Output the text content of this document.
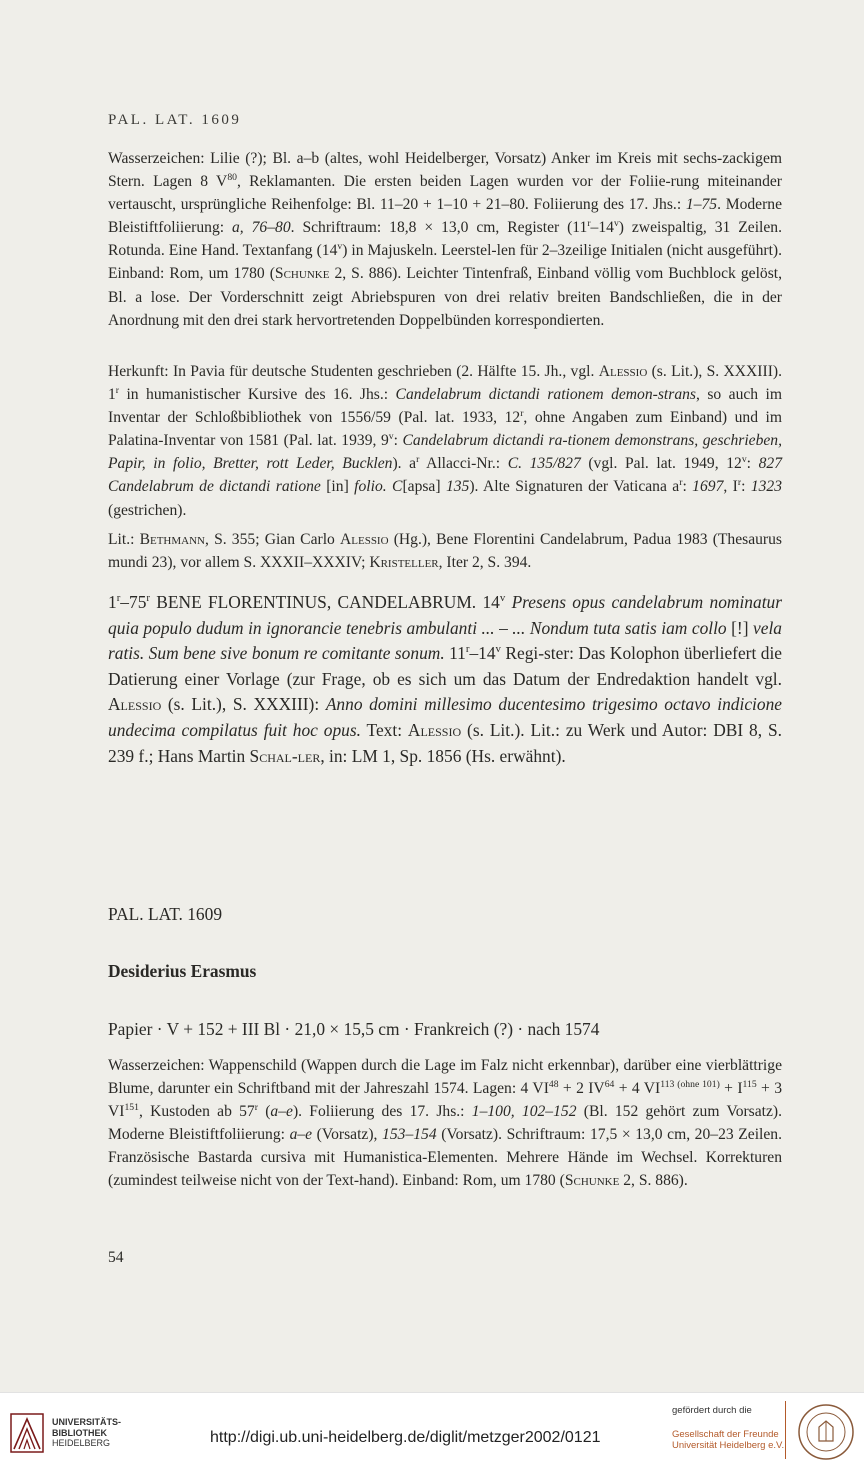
PAL. LAT. 1609

Wasserzeichen: Lilie (?); Bl. a–b (altes, wohl Heidelberger, Vorsatz) Anker im Kreis mit sechs-zackigem Stern. Lagen 8 $V^{80}$, Reklamanten. Die ersten beiden Lagen wurden vor der Foliie-rung miteinander vertauscht, ursprüngliche Reihenfolge: Bl. 11–20 + 1–10 + 21–80. Foliierung des 17. Jhs.: 1–75. Moderne Bleistiftfoliierung: a, 76–80. Schriftraum: 18,8 × 13,0 cm, Register (11$^r$–14$^v$) zweispaltig, 31 Zeilen. Rotunda. Eine Hand. Textanfang (14$^v$) in Majuskeln. Leerstel-len für 2–3zeilige Initialen (nicht ausgeführt). Einband: Rom, um 1780 (Schunke 2, S. 886). Leichter Tintenfraß, Einband völlig vom Buchblock gelöst, Bl. a lose. Der Vorderschnitt zeigt Abriebspuren von drei relativ breiten Bandschließen, die in der Anordnung mit den drei stark hervortretenden Doppelbünden korrespondierten.

Herkunft: In Pavia für deutsche Studenten geschrieben (2. Hälfte 15. Jh., vgl. Alessio (s. Lit.), S. XXXIII). 1$^r$ in humanistischer Kursive des 16. Jhs.: Candelabrum dictandi rationem demon-strans, so auch im Inventar der Schloßbibliothek von 1556/59 (Pal. lat. 1933, 12$^r$, ohne Angaben zum Einband) und im Palatina-Inventar von 1581 (Pal. lat. 1939, 9$^v$: Candelabrum dictandi ra-tionem demonstrans, geschrieben, Papir, in folio, Bretter, rott Leder, Bucklen). $a^r$ Allacci-Nr.: C. 135/827 (vgl. Pal. lat. 1949, 12$^v$: 827 Candelabrum de dictandi ratione [in] folio. C[apsa] 135). Alte Signaturen der Vaticana $a^r$: 1697, $I^r$: 1323 (gestrichen).

Lit.: Bethmann, S. 355; Gian Carlo Alessio (Hg.), Bene Florentini Candelabrum, Padua 1983 (Thesaurus mundi 23), vor allem S. XXXII–XXXIV; Kristeller, Iter 2, S. 394.

1$^r$–75$^r$ BENE FLORENTINUS, CANDELABRUM. 14$^v$ Presens opus candelabrum nominatur quia populo dudum in ignorancie tenebris ambulanti ... – ... Nondum tuta satis iam collo [!] vela ratis. Sum bene sive bonum re comitante sonum. 11$^r$–14$^v$ Regi-ster: Das Kolophon überliefert die Datierung einer Vorlage (zur Frage, ob es sich um das Datum der Endredaktion handelt vgl. Alessio (s. Lit.), S. XXXIII): Anno domini millesimo ducentesimo trigesimo octavo indicione undecima compilatus fuit hoc opus. Text: Alessio (s. Lit.). Lit.: zu Werk und Autor: DBI 8, S. 239 f.; Hans Martin Schal-ler, in: LM 1, Sp. 1856 (Hs. erwähnt).

PAL. LAT. 1609
Desiderius Erasmus
Papier · V + 152 + III Bl · 21,0 × 15,5 cm · Frankreich (?) · nach 1574

Wasserzeichen: Wappenschild (Wappen durch die Lage im Falz nicht erkennbar), darüber eine vierblättrige Blume, darunter ein Schriftband mit der Jahreszahl 1574. Lagen: 4 $VI^{48} + 2$ $IV^{64} + 4$ $VI^{113 (ohne 101)} + I^{115} + 3$ VI$^{151}$, Kustoden ab 57$^r$ (a–e). Foliierung des 17. Jhs.: 1–100, 102–152 (Bl. 152 gehört zum Vorsatz). Moderne Bleistiftfoliierung: a–e (Vorsatz), 153–154 (Vorsatz). Schriftraum: 17,5 × 13,0 cm, 20–23 Zeilen. Französische Bastarda cursiva mit Humanistica-Elementen. Mehrere Hände im Wechsel. Korrekturen (zumindest teilweise nicht von der Text-hand). Einband: Rom, um 1780 (Schunke 2, S. 886).

54
UNIVERSITÄTS-
BIBLIOTHEK
HEIDELBERG	http://digi.ub.uni-heidelberg.de/diglit/metzger2002/0121
gefördert durch die
Gesellschaft der Freunde
Universität Heidelberg e.V.
